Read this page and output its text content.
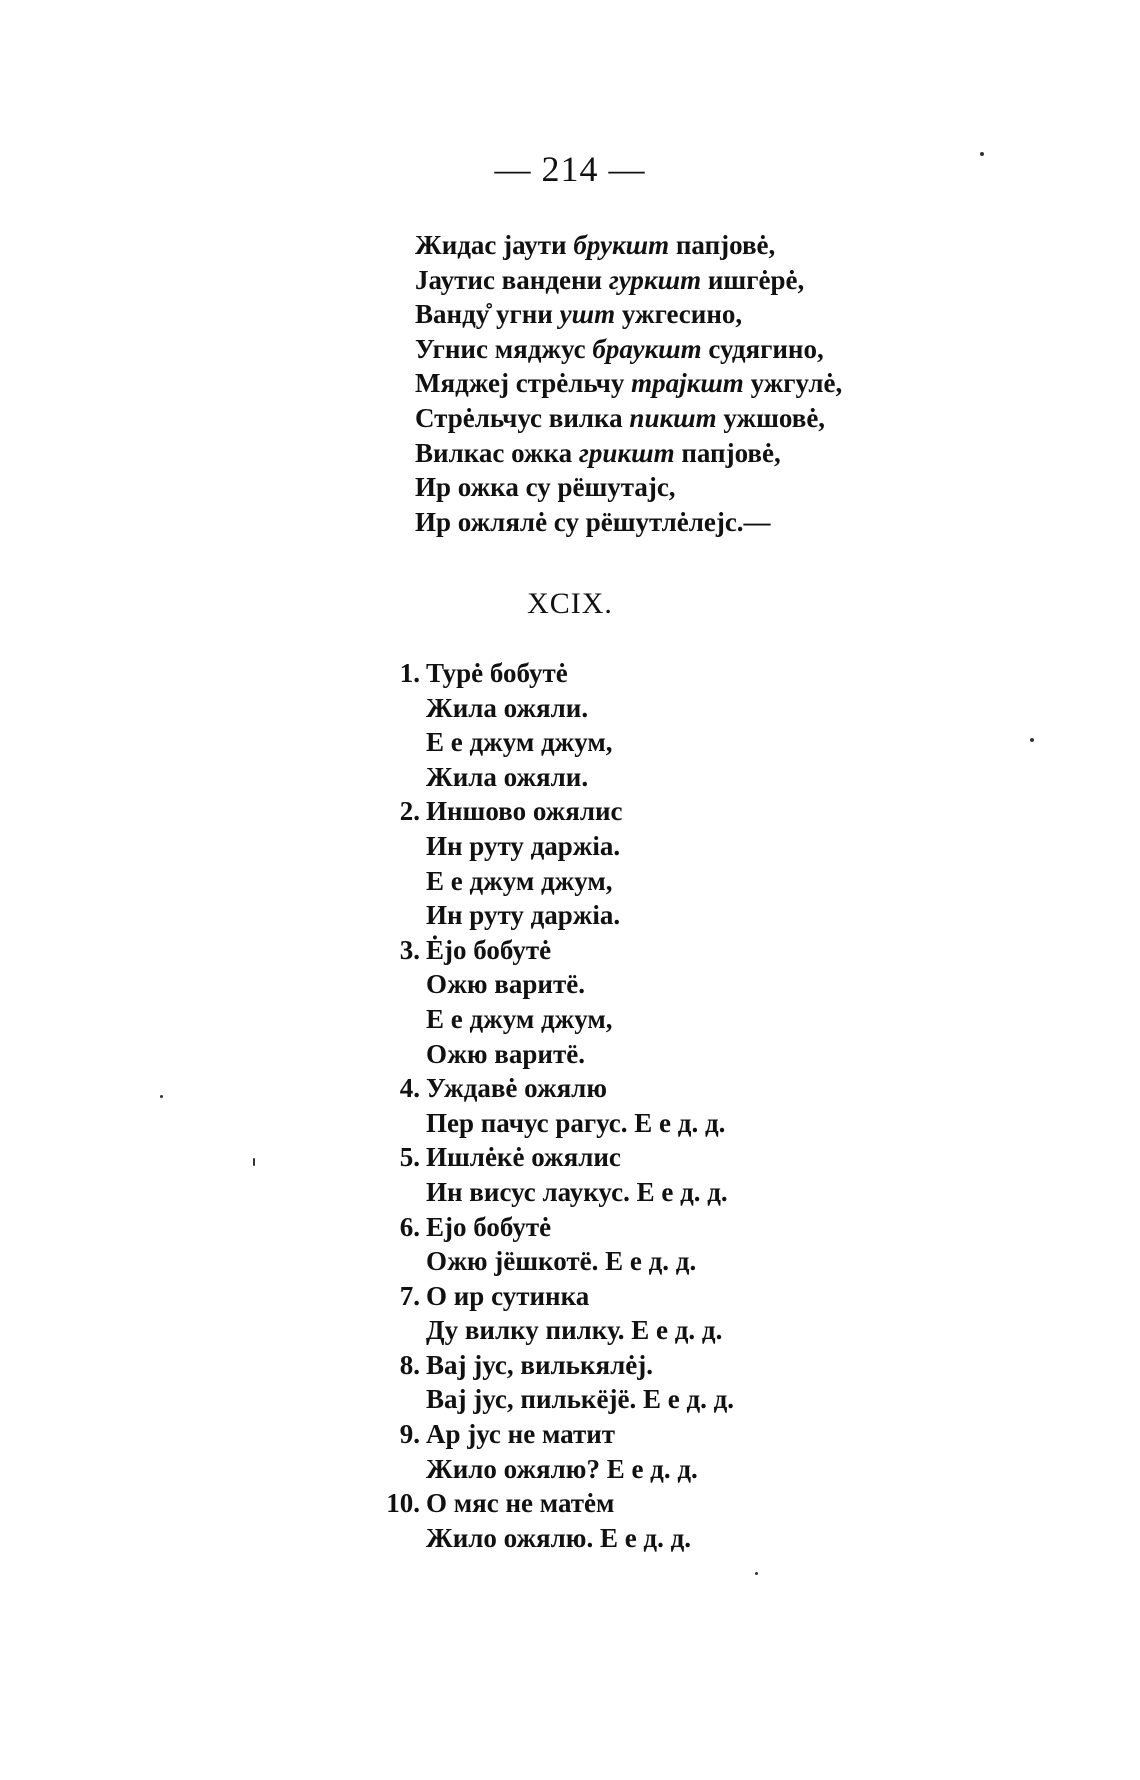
— 214 —
Жидас јаути брукшт папјовė,
Јаутис вандени гуркшт ишгėрė,
Ванду̊ угни ушт ужгесино,
Угнис мяджус браукшт судягино,
Мяджеј стрėльчу трајкшт ужгулė,
Стрėльчус вилка пикшт ужшовė,
Вилкас ожка грикшт папјовė,
Ир ожка су рёшутајс,
Ир ожлялė су рёшутлėлејс.—
XCIX.
1. Турė бобутė
Жила ожяли.
Е е джум джум,
Жила ожяли.
2. Иншово ожялис
Ин руту даржia.
Е е джум джум,
Ин руту даржia.
3. Ėјо бобутė
Ожю варитё.
Е е джум джум,
Ожю варитё.
4. Уждавė ожялю
Пер пачус рагус. Е е д. д.
5. Ишлėкė ожялис
Ин висус лаукус. Е е д. д.
6. Ејо бобутė
Ожю јёшкотё. Е е д. д.
7. О ир сутинка
Ду вилку пилку. Е е д. д.
8. Вај јус, вилькялėј.
Вај јус, пилькёјё. Е е д. д.
9. Ар јус не матит
Жило ожялю? Е е д. д.
10. О мяс не матėм
Жило ожялю. Е е д. д.
